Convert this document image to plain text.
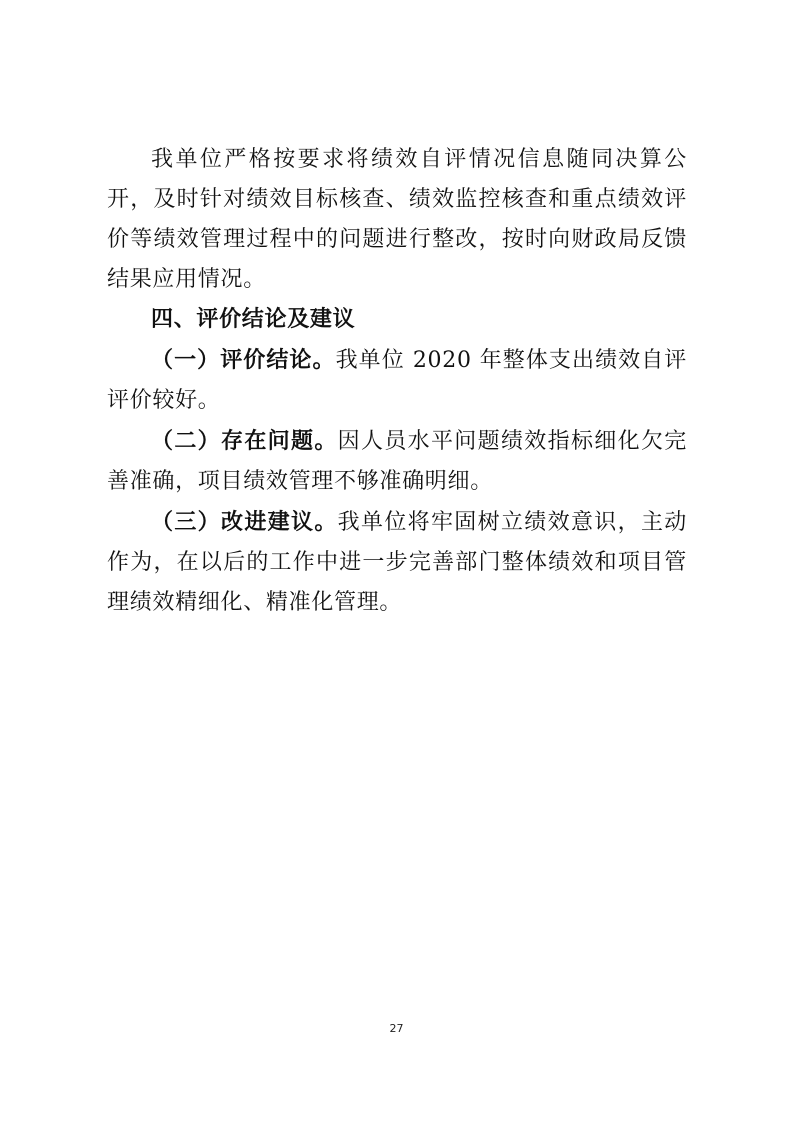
我单位严格按要求将绩效自评情况信息随同决算公开，及时针对绩效目标核查、绩效监控核查和重点绩效评价等绩效管理过程中的问题进行整改，按时向财政局反馈结果应用情况。

四、评价结论及建议

（一）评价结论。我单位 2020 年整体支出绩效自评评价较好。

（二）存在问题。因人员水平问题绩效指标细化欠完善准确，项目绩效管理不够准确明细。

（三）改进建议。我单位将牢固树立绩效意识，主动作为，在以后的工作中进一步完善部门整体绩效和项目管理绩效精细化、精准化管理。

27
